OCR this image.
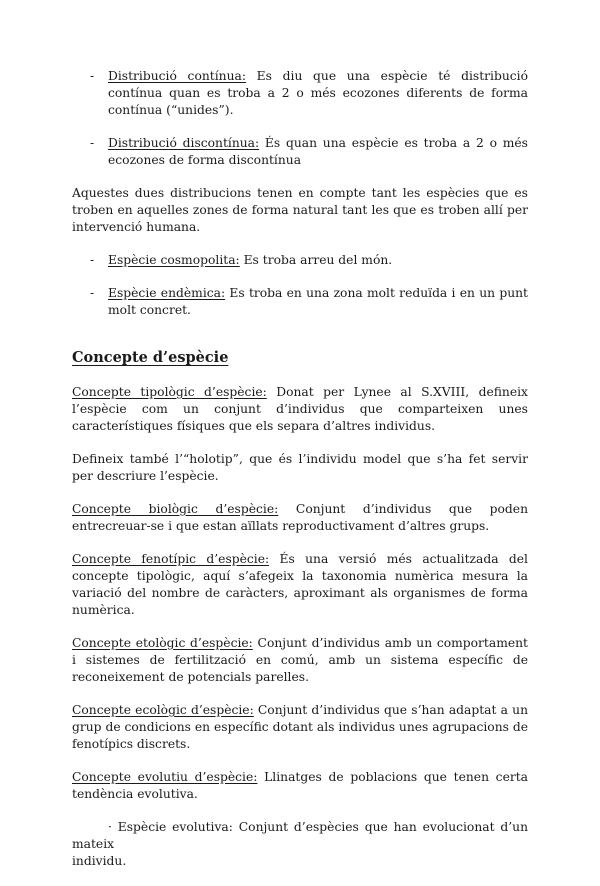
- Distribució contínua: Es diu que una espècie té distribució contínua quan es troba a 2 o més ecozones diferents de forma contínua (“unides”).

- Distribució discontínua: És quan una espècie es troba a 2 o més ecozones de forma discontínua

Aquestes dues distribucions tenen en compte tant les espècies que es troben en aquelles zones de forma natural tant les que es troben allí per intervenció humana.

- Espècie cosmopolita: Es troba arreu del món.

- Espècie endèmica: Es troba en una zona molt reduïda i en un punt molt concret.

Concepte d’espècie

Concepte tipològic d’espècie: Donat per Lynee al S.XVIII, defineix l’espècie com un conjunt d’individus que comparteixen unes característiques físiques que els separa d’altres individus.

Defineix també l’“holotip”, que és l’individu model que s’ha fet servir per descriure l’espècie.

Concepte biològic d’espècie: Conjunt d’individus que poden entrecreuar-se i que estan aïllats reproductivament d’altres grups.

Concepte fenotípic d’espècie: És una versió més actualitzada del concepte tipològic, aquí s’afegeix la taxonomia numèrica mesura la variació del nombre de caràcters, aproximant als organismes de forma numèrica.

Concepte etològic d’espècie: Conjunt d’individus amb un comportament i sistemes de fertilització en comú, amb un sistema específic de reconeixement de potencials parelles.

Concepte ecològic d’espècie: Conjunt d’individus que s’han adaptat a un grup de condicions en específic dotant als individus unes agrupacions de fenotípics discrets.

Concepte evolutiu d’espècie: Llinatges de poblacions que tenen certa tendència evolutiva.

· Espècie evolutiva: Conjunt d’espècies que han evolucionat d’un mateix
individu.
